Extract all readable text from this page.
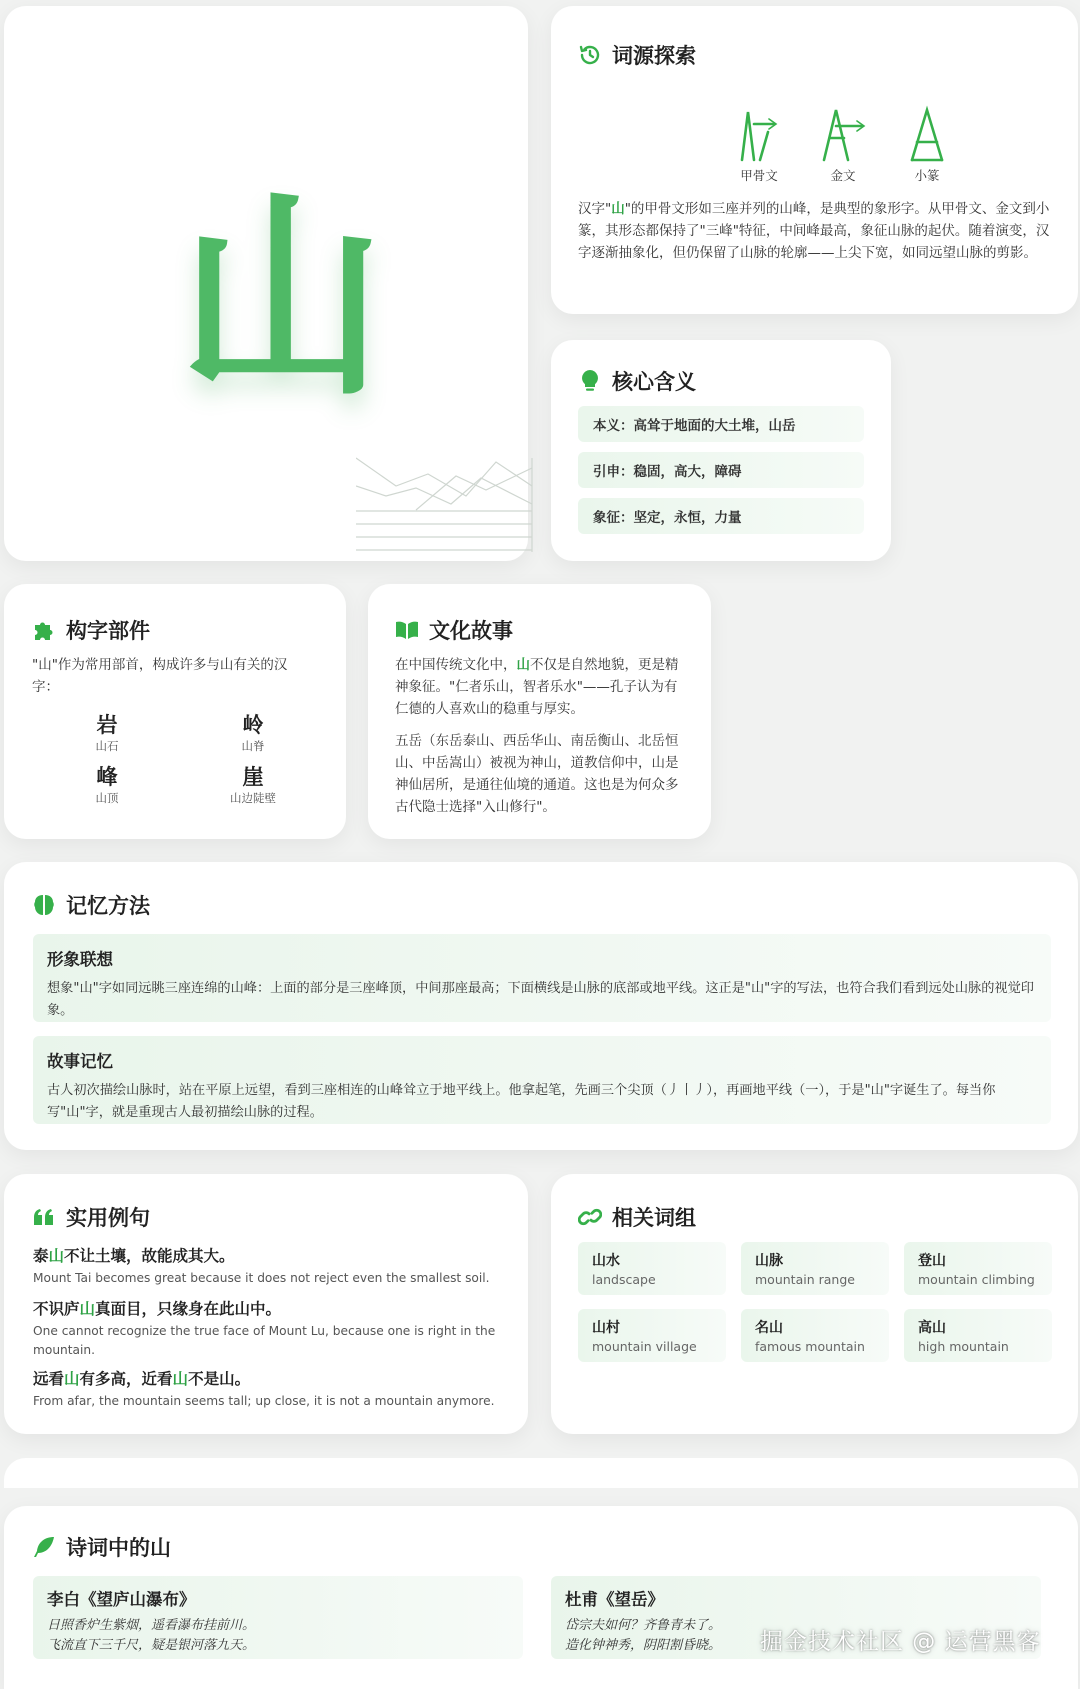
山
词源探索
甲骨文	金文	小篆

汉字"山"的甲骨文形如三座并列的山峰，是典型的象形字。从甲骨文、金文到小篆，其形态都保持了"三峰"特征，中间峰最高，象征山脉的起伏。随着演变，汉字逐渐抽象化，但仍保留了山脉的轮廓——上尖下宽，如同远望山脉的剪影。

核心含义
本义：高耸于地面的大土堆，山岳
引申：稳固，高大，障碍
象征：坚定，永恒，力量
构字部件

"山"作为常用部首，构成许多与山有关的汉字：

岩
山石
岭
山脊
峰
山顶
崖
山边陡壁
文化故事

在中国传统文化中，山不仅是自然地貌，更是精神象征。"仁者乐山，智者乐水"——孔子认为有仁德的人喜欢山的稳重与厚实。

五岳（东岳泰山、西岳华山、南岳衡山、北岳恒山、中岳嵩山）被视为神山，道教信仰中，山是神仙居所，是通往仙境的通道。这也是为何众多古代隐士选择"入山修行"。

记忆方法
形象联想
想象"山"字如同远眺三座连绵的山峰：上面的部分是三座峰顶，中间那座最高；下面横线是山脉的底部或地平线。这正是"山"字的写法，也符合我们看到远处山脉的视觉印象。
故事记忆
古人初次描绘山脉时，站在平原上远望，看到三座相连的山峰耸立于地平线上。他拿起笔，先画三个尖顶（丿丨丿），再画地平线（一），于是"山"字诞生了。每当你写"山"字，就是重现古人最初描绘山脉的过程。
实用例句
泰山不让土壤，故能成其大。
Mount Tai becomes great because it does not reject even the smallest soil.
不识庐山真面目，只缘身在此山中。
One cannot recognize the true face of Mount Lu, because one is right in the mountain.
远看山有多高，近看山不是山。
From afar, the mountain seems tall; up close, it is not a mountain anymore.
相关词组
山水
landscape
山脉
mountain range
登山
mountain climbing
山村
mountain village
名山
famous mountain
高山
high mountain
诗词中的山
李白《望庐山瀑布》
日照香炉生紫烟，遥看瀑布挂前川。
飞流直下三千尺，疑是银河落九天。
杜甫《望岳》
岱宗夫如何？齐鲁青未了。
造化钟神秀，阴阳割昏晓。	掘金技术社区 @ 运营黑客
